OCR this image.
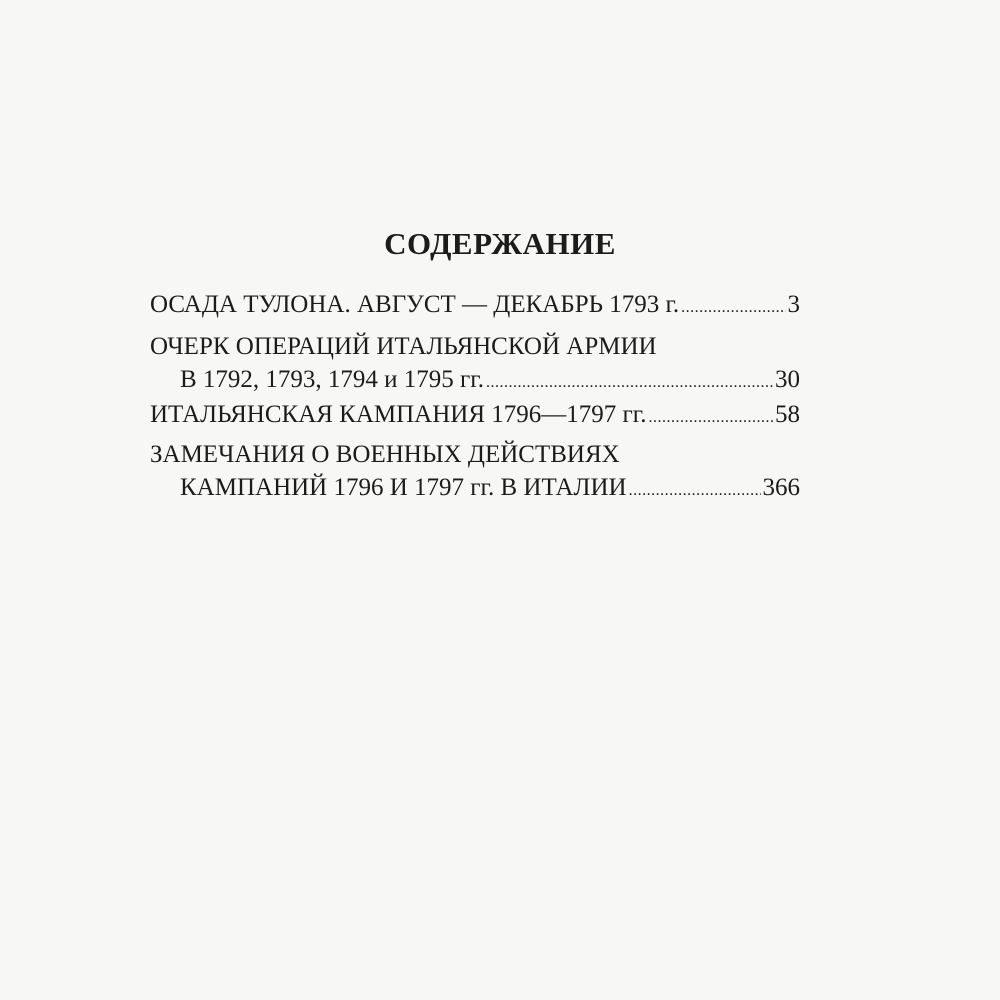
СОДЕРЖАНИЕ
ОСАДА ТУЛОНА. АВГУСТ — ДЕКАБРЬ 1793 г. .....	3
ОЧЕРК ОПЕРАЦИЙ ИТАЛЬЯНСКОЙ АРМИИ
В 1792, 1793, 1794 и 1795 гг. .....	30
ИТАЛЬЯНСКАЯ КАМПАНИЯ 1796—1797 гг. .....	58
ЗАМЕЧАНИЯ О ВОЕННЫХ ДЕЙСТВИЯХ
КАМПАНИЙ 1796 И 1797 гг. В ИТАЛИИ .....	366
